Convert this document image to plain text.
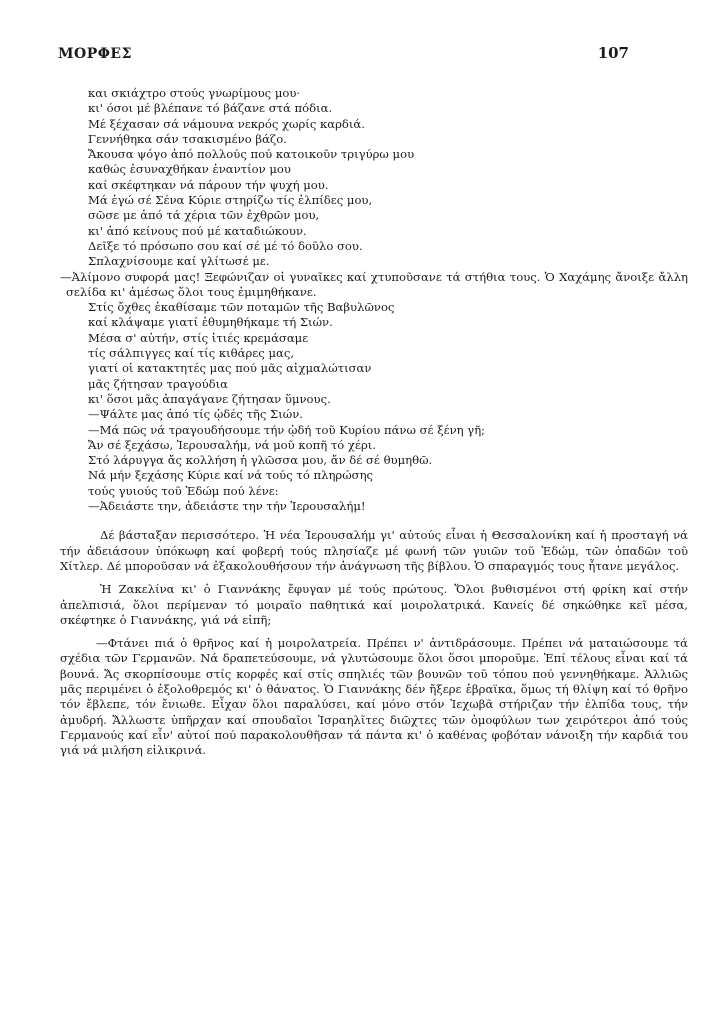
ΜΟΡΦΕΣ	107
και σκιάχτρο στούς γνωρίμους μου·
κι' όσοι μέ βλέπανε τό βάζανε στά πόδια.
Μέ ξέχασαν σά νάμουνα νεκρός χωρίς καρδιά.
Γεννήθηκα σάν τσακισμένο βάζο.
Ἄκουσα ψόγο ἀπό πολλούς πού κατοικοῦν τριγύρω μου
καθώς ἐσυναχθήκαν ἐναντίον μου
καί σκέφτηκαν νά πάρουν τήν ψυχή μου.
Μά ἐγώ σέ Σένα Κύριε στηρίζω τίς ἐλπίδες μου,
σῶσε με ἀπό τά χέρια τῶν ἐχθρῶν μου,
κι' ἀπό κείνους πού μέ καταδιώκουν.
Δεῖξε τό πρόσωπο σου καί σέ μέ τό δοῦλο σου.
Σπλαχνίσουμε καί γλίτωσέ με.
—Ἀλίμονο συφορά μας! Ξεφώνιζαν οἱ γυναῖκες καί χτυποῦσανε τά στήθια τους. Ὁ Χαχάμης ἄνοιξε ἄλλη σελίδα κι' ἀμέσως ὅλοι τους ἐμιμηθήκανε.
Στίς ὄχθες ἐκαθίσαμε τῶν ποταμῶν τῆς Βαβυλῶνος
καί κλάψαμε γιατί ἐθυμηθήκαμε τή Σιών.
Μέσα σ' αὐτήν, στίς ἰτιές κρεμάσαμε
τίς σάλπιγγες καί τίς κιθάρες μας,
γιατί οἱ κατακτητές μας πού μᾶς αἰχμαλώτισαν
μᾶς ζήτησαν τραγούδια
κι' ὅσοι μᾶς ἀπαγάγανε ζήτησαν ὕμνους.
—Ψάλτε μας ἀπό τίς ᾠδές τῆς Σιών.
—Μά πῶς νά τραγουδήσουμε τήν ᾠδή τοῦ Κυρίου πάνω σέ ξένη γῆ;
Ἄν σέ ξεχάσω, Ἱερουσαλήμ, νά μοῦ κοπῆ τό χέρι.
Στό λάρυγγα ἄς κολλήση ἡ γλῶσσα μου, ἄν δέ σέ θυμηθῶ.
Νά μήν ξεχάσης Κύριε καί νά τούς τό πληρώσης
τούς γυιούς τοῦ Ἐδώμ πού λένε:
—Ἀδειάστε την, ἀδειάστε την τήν Ἱερουσαλήμ!
Δέ βάσταξαν περισσότερο. Ἡ νέα Ἱερουσαλήμ γι' αὐτούς εἶναι ἡ Θεσσαλονίκη καί ἡ προσταγή νά τήν ἀδειάσουν ὑπόκωφη καί φοβερή τούς πλησίαζε μέ φωνή τῶν γυιῶν τοῦ Ἐδώμ, τῶν ὀπαδῶν τοῦ Χίτλερ. Δέ μποροῦσαν νά ἐξακολουθήσουν τήν ἀνάγνωση τῆς βίβλου. Ὁ σπαραγμός τους ἦτανε μεγάλος.
Ἡ Ζακελίνα κι' ὁ Γιαννάκης ἔφυγαν μέ τούς πρώτους. Ὅλοι βυθισμένοι στή φρίκη καί στήν ἀπελπισιά, ὅλοι περίμεναν τό μοιραῖο παθητικά καί μοιρολατρικά. Κανείς δέ σηκώθηκε κεῖ μέσα, σκέφτηκε ὁ Γιαννάκης, γιά νά εἰπῆ;
—Φτάνει πιά ὁ θρῆνος καί ἡ μοιρολατρεία. Πρέπει ν' ἀντιδράσουμε. Πρέπει νά ματαιώσουμε τά σχέδια τῶν Γερμανῶν. Νά δραπετεύσουμε, νά γλυτώσουμε ὅλοι ὅσοι μποροῦμε. Ἐπί τέλους εἶναι καί τά βουνά. Ἄς σκορπίσουμε στίς κορφές καί στίς σπηλιές τῶν βουνῶν τοῦ τόπου πού γεννηθήκαμε. Ἀλλιῶς μᾶς περιμένει ὁ ἐξολοθρεμός κι' ὁ θάνατος. Ὁ Γιαννάκης δέν ἤξερε ἑβραϊκα, ὅμως τή θλίψη καί τό θρῆνο τόν ἔβλεπε, τόν ἔνιωθε. Εἶχαν ὅλοι παραλύσει, καί μόνο στόν Ἰεχωβᾶ στήριζαν τήν ἐλπίδα τους, τήν ἀμυδρή. Ἄλλωστε ὑπῆρχαν καί σπουδαῖοι Ἰσραηλῖτες διῶχτες τῶν ὁμοφύλων των χειρότεροι ἀπό τούς Γερμανούς καί εἶν' αὐτοί πού παρακολουθῆσαν τά πάντα κι' ὁ καθένας φοβόταν νάνοιξη τήν καρδιά του γιά νά μιλήση εἰλικρινά.
